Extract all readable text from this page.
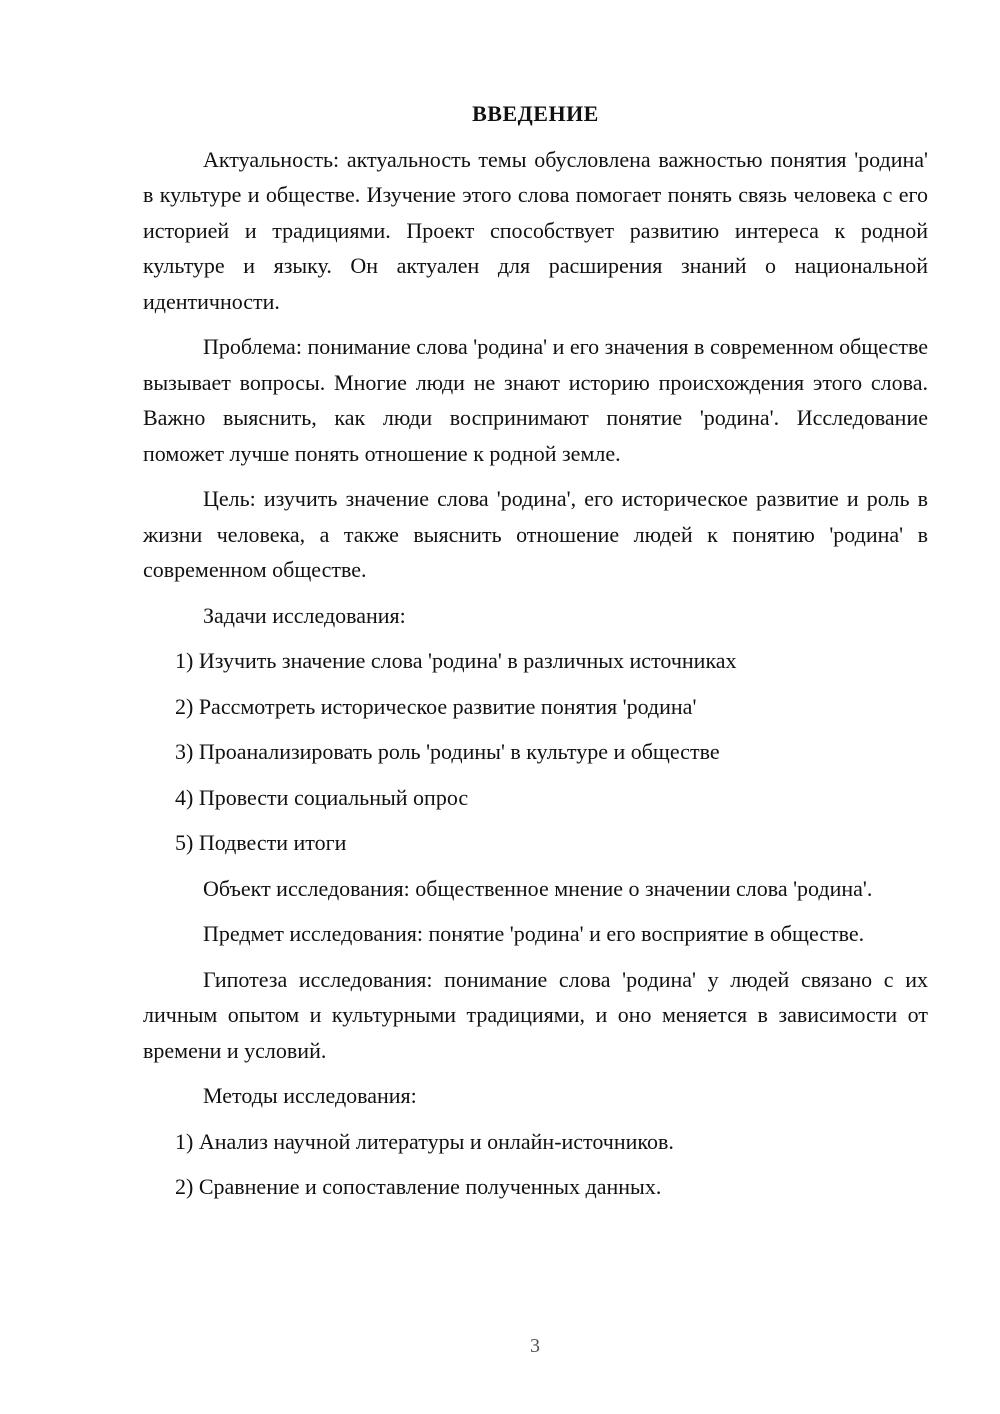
ВВЕДЕНИЕ

Актуальность: актуальность темы обусловлена важностью понятия 'родина' в культуре и обществе. Изучение этого слова помогает понять связь человека с его историей и традициями. Проект способствует развитию интереса к родной культуре и языку. Он актуален для расширения знаний о национальной идентичности.

Проблема: понимание слова 'родина' и его значения в современном обществе вызывает вопросы. Многие люди не знают историю происхождения этого слова. Важно выяснить, как люди воспринимают понятие 'родина'. Исследование поможет лучше понять отношение к родной земле.

Цель: изучить значение слова 'родина', его историческое развитие и роль в жизни человека, а также выяснить отношение людей к понятию 'родина' в современном обществе.

Задачи исследования:

1) Изучить значение слова 'родина' в различных источниках
2) Рассмотреть историческое развитие понятия 'родина'
3) Проанализировать роль 'родины' в культуре и обществе
4) Провести социальный опрос
5) Подвести итоги

Объект исследования: общественное мнение о значении слова 'родина'.

Предмет исследования: понятие 'родина' и его восприятие в обществе.

Гипотеза исследования: понимание слова 'родина' у людей связано с их личным опытом и культурными традициями, и оно меняется в зависимости от времени и условий.

Методы исследования:

1) Анализ научной литературы и онлайн-источников.
2) Сравнение и сопоставление полученных данных.
3
